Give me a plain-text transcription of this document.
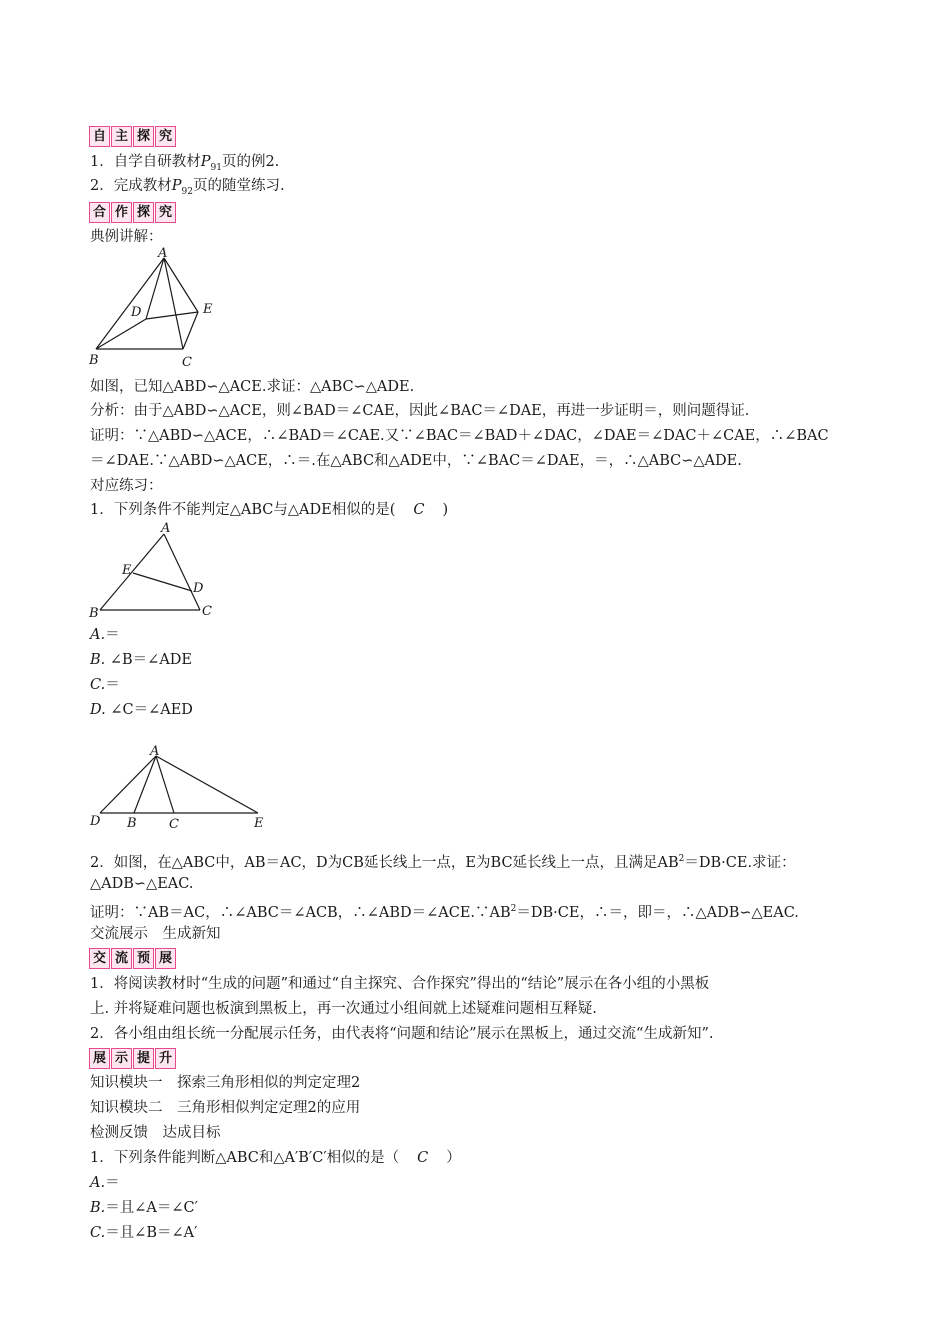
自 主 探 究
1．自学自研教材$P_{91}$页的例2.
2．完成教材$P_{92}$页的随堂练习.
合 作 探 究
典例讲解：
A
D	E
B	C
如图，已知△ABD∽△ACE.求证：△ABC∽△ADE.
分析：由于△ABD∽△ACE，则∠BAD＝∠CAE，因此∠BAC＝∠DAE，再进一步证明＝，则问题得证.
证明：∵△ABD∽△ACE，∴∠BAD＝∠CAE.又∵∠BAC＝∠BAD＋∠DAC，∠DAE＝∠DAC＋∠CAE，∴∠BAC
＝∠DAE.∵△ABD∽△ACE，∴＝.在△ABC和△ADE中，∵∠BAC＝∠DAE，＝，∴△ABC∽△ADE.
对应练习：
1．下列条件不能判定△ABC与△ADE相似的是( C )
A
E
D
B	C
A.＝
B. ∠B＝∠ADE
C.＝
D. ∠C＝∠AED
A
D B C	E
2．如图，在△ABC中，AB＝AC，D为CB延长线上一点，E为BC延长线上一点，且满足$AB^2=DB\cdot CE$.求证：
△ADB∽△EAC.
证明：∵AB＝AC，∴∠ABC＝∠ACB，$\therefore\angle ABD=\angle ACE.\because AB^2=DB\cdot CE$，∴＝，即＝，∴△ADB∽△EAC.
交流展示　生成新知
交 流 预 展
1．将阅读教材时“生成的问题”和通过“自主探究、合作探究”得出的“结论”展示在各小组的小黑板
上. 并将疑难问题也板演到黑板上，再一次通过小组间就上述疑难问题相互释疑.
2．各小组由组长统一分配展示任务，由代表将“问题和结论”展示在黑板上，通过交流“生成新知”.
展 示 提 升
知识模块一　探索三角形相似的判定定理2
知识模块二　三角形相似判定定理2的应用
检测反馈　达成目标
1．下列条件能判断△ABC和△A′B′C′相似的是（ C ）
A.＝
B.＝且∠A＝∠C′
C.＝且∠B＝∠A′
